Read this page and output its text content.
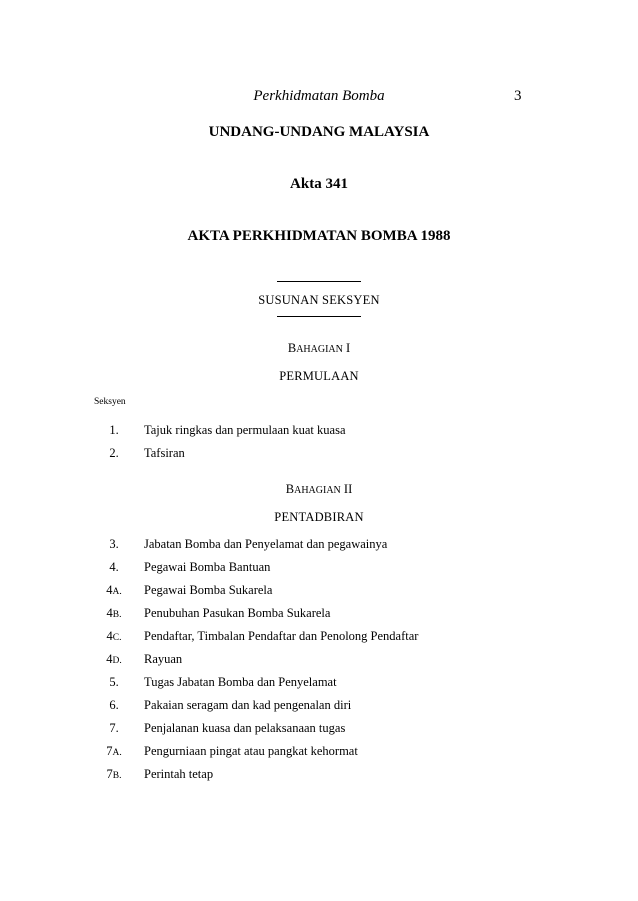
Perkhidmatan Bomba	3
UNDANG-UNDANG MALAYSIA
Akta 341
AKTA PERKHIDMATAN BOMBA 1988
SUSUNAN SEKSYEN
BAHAGIAN I
PERMULAAN
Seksyen
1.	Tajuk ringkas dan permulaan kuat kuasa
2.	Tafsiran
BAHAGIAN II
PENTADBIRAN
3.	Jabatan Bomba dan Penyelamat dan pegawainya
4.	Pegawai Bomba Bantuan
4A.	Pegawai Bomba Sukarela
4B.	Penubuhan Pasukan Bomba Sukarela
4C.	Pendaftar, Timbalan Pendaftar dan Penolong Pendaftar
4D.	Rayuan
5.	Tugas Jabatan Bomba dan Penyelamat
6.	Pakaian seragam dan kad pengenalan diri
7.	Penjalanan kuasa dan pelaksanaan tugas
7A.	Pengurniaan pingat atau pangkat kehormat
7B.	Perintah tetap
